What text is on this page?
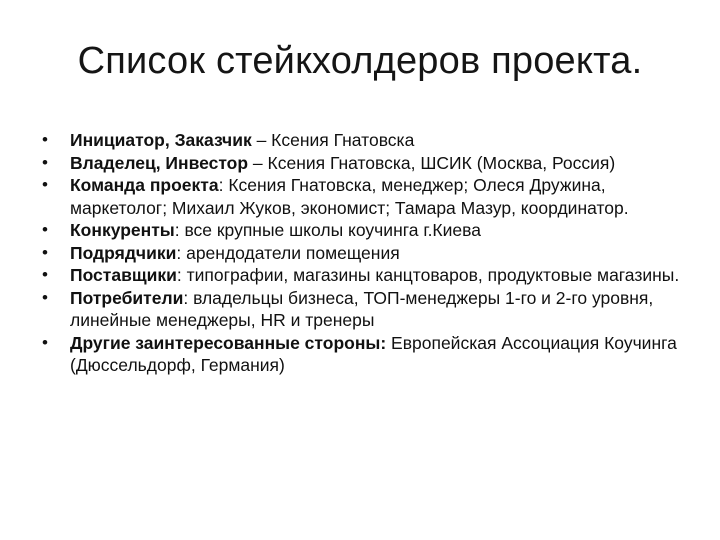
Список стейкхолдеров проекта.
•	Инициатор, Заказчик – Ксения Гнатовска
•	Владелец, Инвестор – Ксения Гнатовска, ШСИК (Москва, Россия)
•	Команда проекта: Ксения Гнатовска, менеджер; Олеся Дружина, маркетолог; Михаил Жуков, экономист; Тамара Мазур, координатор.
•	Конкуренты: все крупные школы коучинга г.Киева
•	Подрядчики: арендодатели помещения
•	Поставщики: типографии, магазины канцтоваров, продуктовые магазины.
•	Потребители: владельцы бизнеса, ТОП-менеджеры 1-го и 2-го уровня, линейные менеджеры, HR и тренеры
•	Другие заинтересованные стороны: Европейская Ассоциация Коучинга (Дюссельдорф, Германия)
